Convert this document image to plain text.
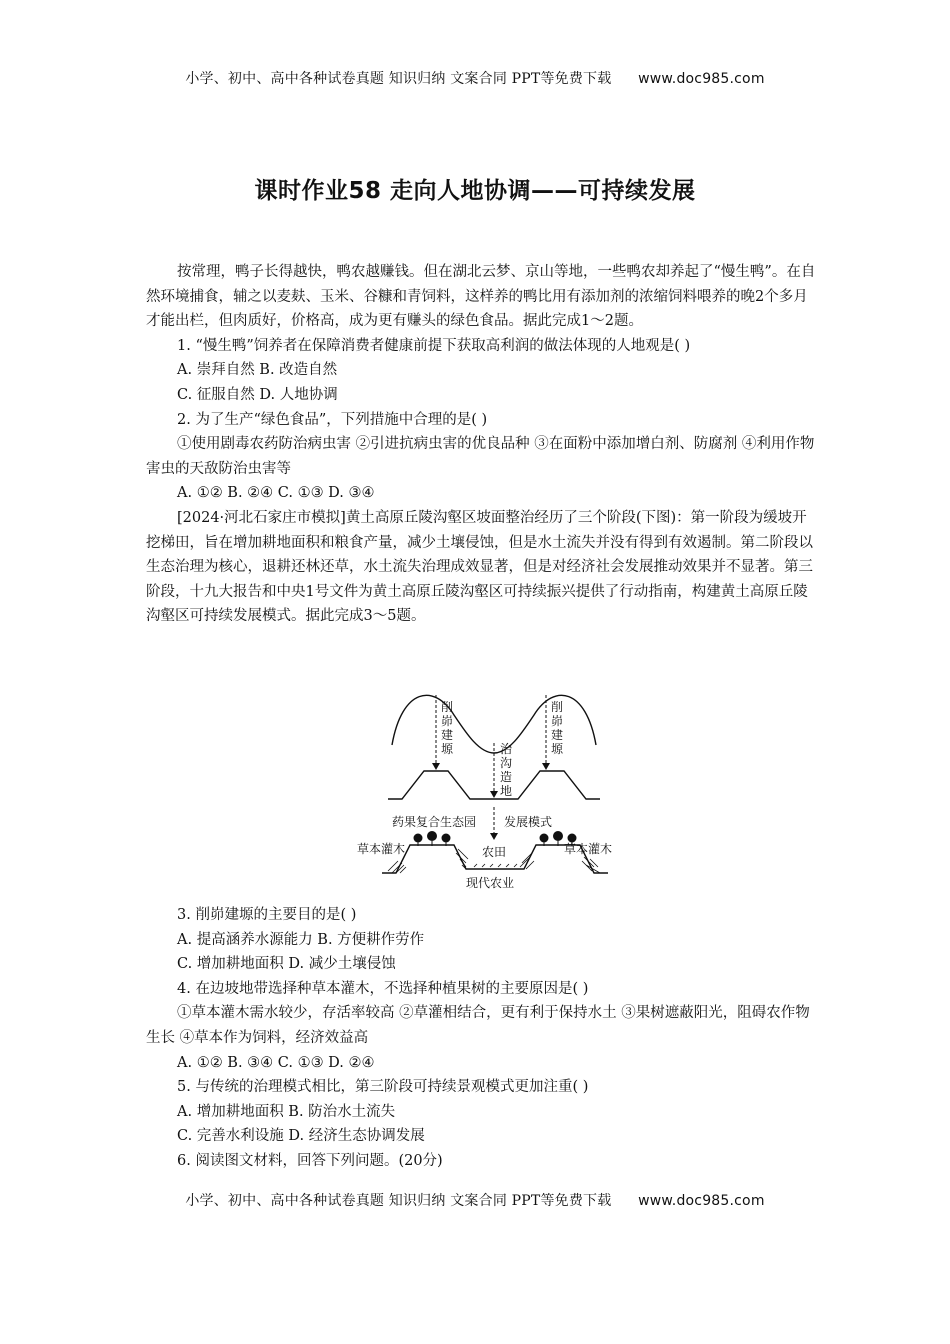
小学、初中、高中各种试卷真题 知识归纳 文案合同 PPT等免费下载 www.doc985.com
课时作业58 走向人地协调——可持续发展

按常理，鸭子长得越快，鸭农越赚钱。但在湖北云梦、京山等地，一些鸭农却养起了“慢生鸭”。在自然环境捕食，辅之以麦麸、玉米、谷糠和青饲料，这样养的鸭比用有添加剂的浓缩饲料喂养的晚2个多月才能出栏，但肉质好，价格高，成为更有赚头的绿色食品。据此完成1～2题。

1. “慢生鸭”饲养者在保障消费者健康前提下获取高利润的做法体现的人地观是( )

A. 崇拜自然 B. 改造自然

C. 征服自然 D. 人地协调

2. 为了生产“绿色食品”，下列措施中合理的是( )

①使用剧毒农药防治病虫害 ②引进抗病虫害的优良品种 ③在面粉中添加增白剂、防腐剂 ④利用作物害虫的天敌防治虫害等

A. ①② B. ②④ C. ①③ D. ③④

[2024·河北石家庄市模拟]黄土高原丘陵沟壑区坡面整治经历了三个阶段(下图)：第一阶段为缓坡开挖梯田，旨在增加耕地面积和粮食产量，减少土壤侵蚀，但是水土流失并没有得到有效遏制。第二阶段以生态治理为核心，退耕还林还草，水土流失治理成效显著，但是对经济社会发展推动效果并不显著。第三阶段，十九大报告和中央1号文件为黄土高原丘陵沟壑区可持续振兴提供了行动指南，构建黄土高原丘陵沟壑区可持续发展模式。据此完成3～5题。

削峁建塬	治沟造地
削峁建塬
药果复合生态园 发展模式
草本灌木	草本灌木
农田
现代农业

3. 削峁建塬的主要目的是( )

A. 提高涵养水源能力 B. 方便耕作劳作

C. 增加耕地面积 D. 减少土壤侵蚀

4. 在边坡地带选择种草本灌木，不选择种植果树的主要原因是( )

①草本灌木需水较少，存活率较高 ②草灌相结合，更有利于保持水土 ③果树遮蔽阳光，阻碍农作物生长 ④草本作为饲料，经济效益高

A. ①② B. ③④ C. ①③ D. ②④

5. 与传统的治理模式相比，第三阶段可持续景观模式更加注重( )

A. 增加耕地面积 B. 防治水土流失

C. 完善水利设施 D. 经济生态协调发展

6. 阅读图文材料，回答下列问题。(20分)

小学、初中、高中各种试卷真题 知识归纳 文案合同 PPT等免费下载 www.doc985.com
